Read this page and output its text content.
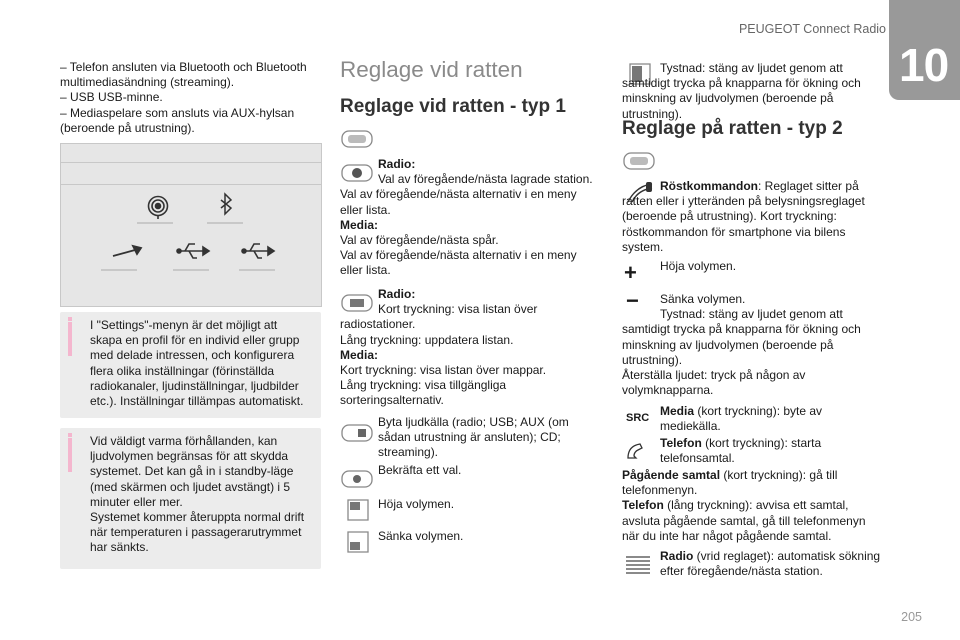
PEUGEOT Connect Radio
10
205

– Telefon ansluten via Bluetooth och Bluetooth multimediasändning (streaming).

– USB USB-minne.

– Mediaspelare som ansluts via AUX-hylsan (beroende på utrustning).

I "Settings"-menyn är det möjligt att skapa en profil för en individ eller grupp med delade intressen, och konfigurera flera olika inställningar (förinställda radiokanaler, ljudinställningar, ljudbilder etc.). Inställningar tillämpas automatiskt.

Vid väldigt varma förhållanden, kan ljudvolymen begränsas för att skydda systemet. Det kan gå in i standby-läge (med skärmen och ljudet avstängt) i 5 minuter eller mer.

Systemet kommer återuppta normal drift när temperaturen i passagerarutrymmet har sänkts.

Reglage vid ratten
Reglage vid ratten - typ 1

Radio:

Val av föregående/nästa lagrade station.

Val av föregående/nästa alternativ i en meny eller lista.

Media:

Val av föregående/nästa spår.

Val av föregående/nästa alternativ i en meny eller lista.

Radio:

Kort tryckning: visa listan över radiostationer.

Lång tryckning: uppdatera listan.

Media:

Kort tryckning: visa listan över mappar.

Lång tryckning: visa tillgängliga sorteringsalternativ.

Byta ljudkälla (radio; USB; AUX (om sådan utrustning är ansluten); CD; streaming).

Bekräfta ett val.
Höja volymen.
Sänka volymen.

Tystnad: stäng av ljudet genom att samtidigt trycka på knapparna för ökning och minskning av ljudvolymen (beroende på utrustning).

Reglage på ratten - typ 2

Röstkommandon: Reglaget sitter på ratten eller i ytteränden på belysningsreglaget (beroende på utrustning). Kort tryckning: röstkommandon för smartphone via bilens system.

+ Höja volymen.
−	Sänka volymen.

Tystnad: stäng av ljudet genom att samtidigt trycka på knapparna för ökning och minskning av ljudvolymen (beroende på utrustning).

Återställa ljudet: tryck på någon av volymknapparna.

SRC Media (kort tryckning): byte av mediekälla.

Telefon (kort tryckning): starta telefonsamtal.

Pågående samtal (kort tryckning): gå till telefonmenyn.

Telefon (lång tryckning): avvisa ett samtal, avsluta pågående samtal, gå till telefonmenyn när du inte har något pågående samtal.

Radio (vrid reglaget): automatisk sökning efter föregående/nästa station.
